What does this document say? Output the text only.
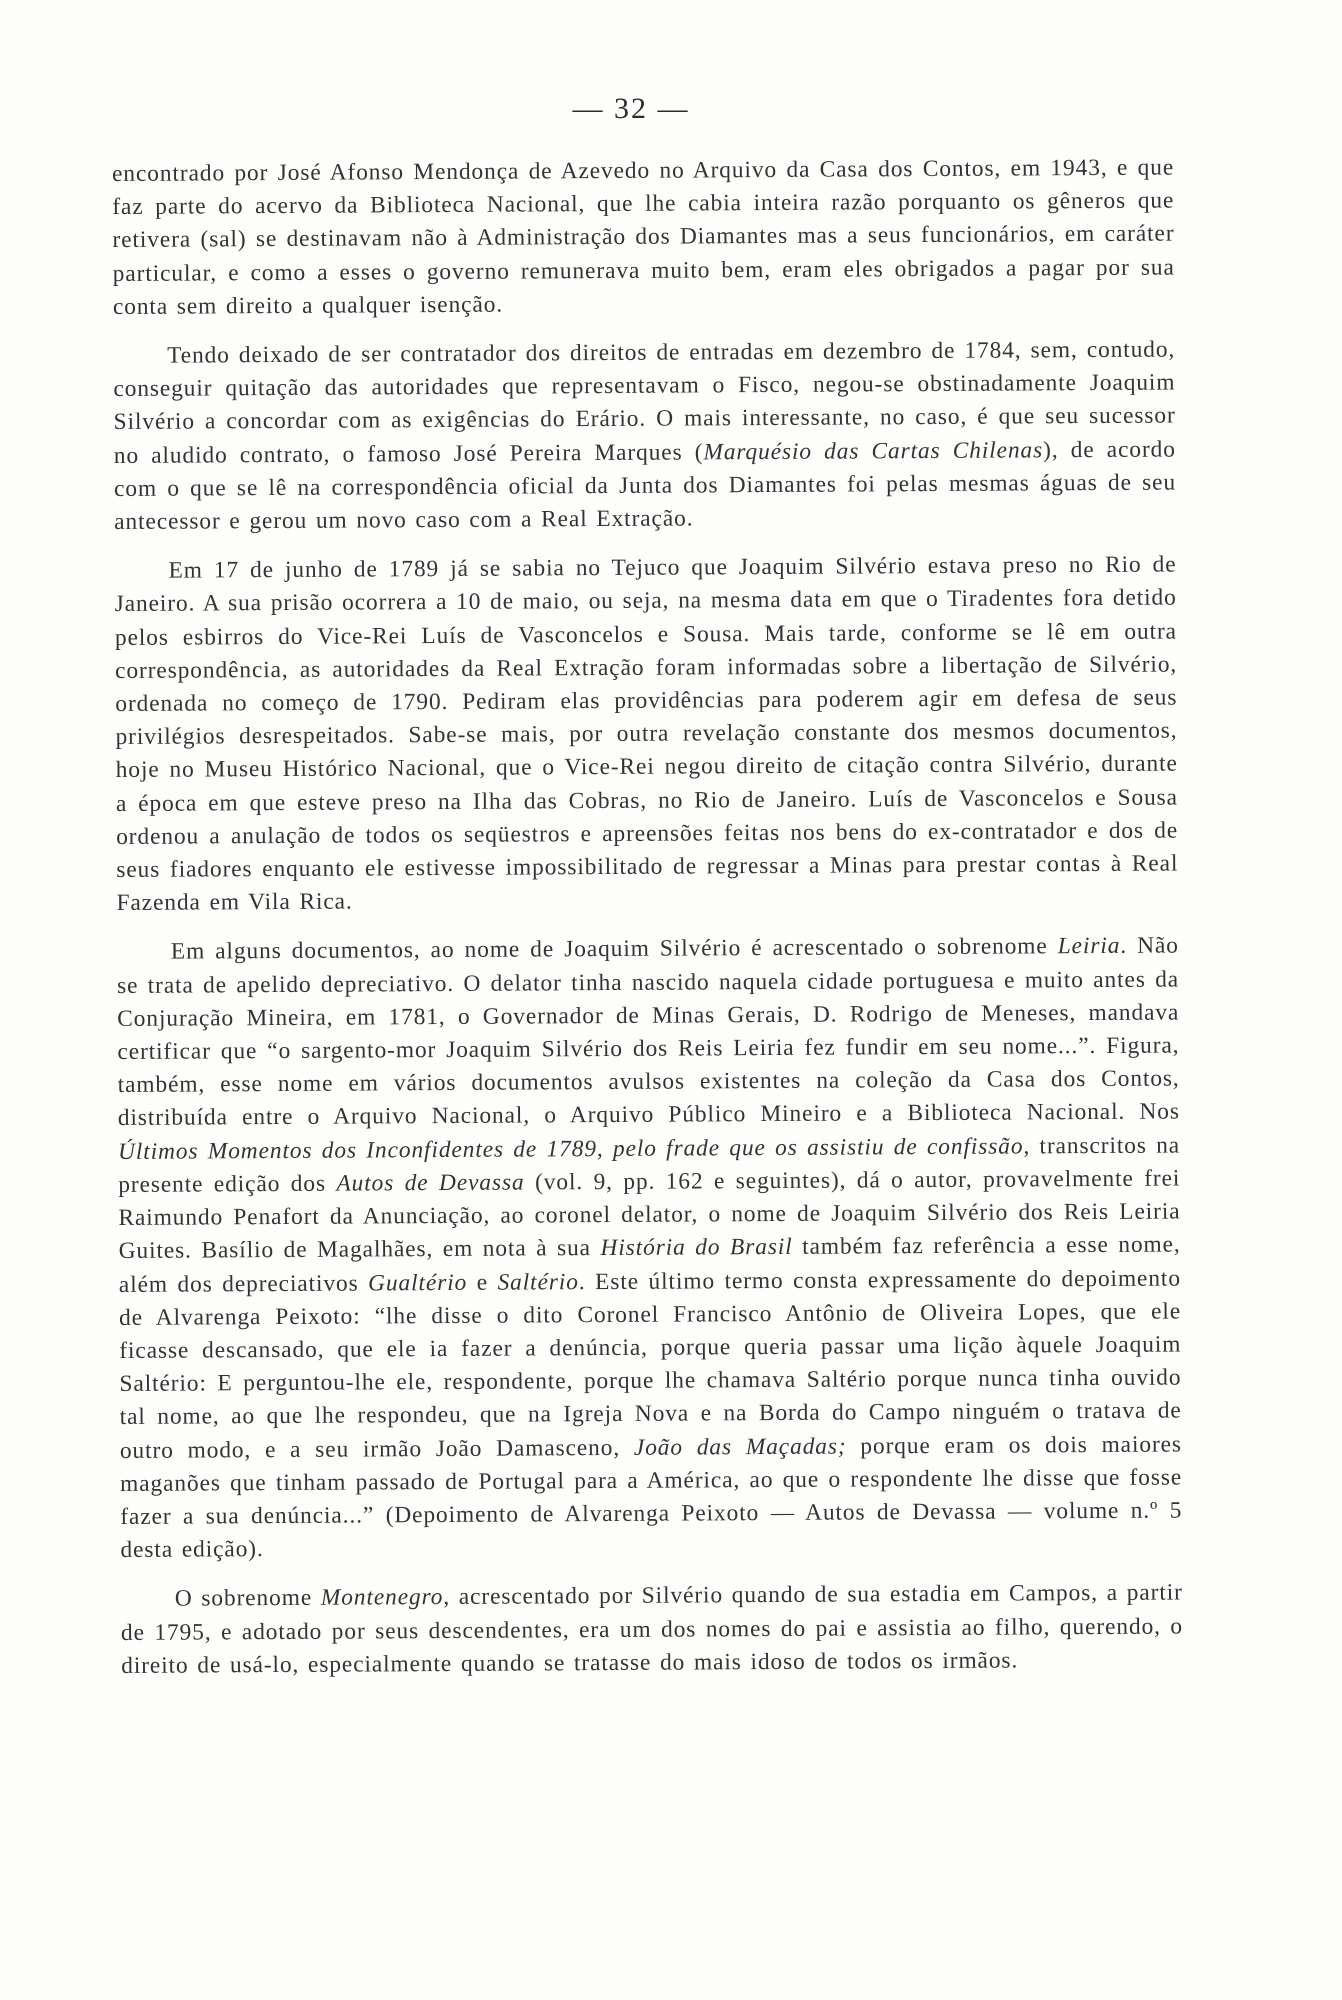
— 32 —

encontrado por José Afonso Mendonça de Azevedo no Arquivo da Casa dos Contos, em 1943, e que faz parte do acervo da Biblioteca Nacional, que lhe cabia inteira razão porquanto os gêneros que retivera (sal) se destinavam não à Administração dos Diamantes mas a seus funcionários, em caráter particular, e como a esses o governo remunerava muito bem, eram eles obrigados a pagar por sua conta sem direito a qualquer isenção.

Tendo deixado de ser contratador dos direitos de entradas em dezembro de 1784, sem, contudo, conseguir quitação das autoridades que representavam o Fisco, negou-se obstinadamente Joaquim Silvério a concordar com as exigências do Erário. O mais interessante, no caso, é que seu sucessor no aludido contrato, o famoso José Pereira Marques (Marquésio das Cartas Chilenas), de acordo com o que se lê na correspondência oficial da Junta dos Diamantes foi pelas mesmas águas de seu antecessor e gerou um novo caso com a Real Extração.

Em 17 de junho de 1789 já se sabia no Tejuco que Joaquim Silvério estava preso no Rio de Janeiro. A sua prisão ocorrera a 10 de maio, ou seja, na mesma data em que o Tiradentes fora detido pelos esbirros do Vice-Rei Luís de Vasconcelos e Sousa. Mais tarde, conforme se lê em outra correspondência, as autoridades da Real Extração foram informadas sobre a libertação de Silvério, ordenada no começo de 1790. Pediram elas providências para poderem agir em defesa de seus privilégios desrespeitados. Sabe-se mais, por outra revelação constante dos mesmos documentos, hoje no Museu Histórico Nacional, que o Vice-Rei negou direito de citação contra Silvério, durante a época em que esteve preso na Ilha das Cobras, no Rio de Janeiro. Luís de Vasconcelos e Sousa ordenou a anulação de todos os seqüestros e apreensões feitas nos bens do ex-contratador e dos de seus fiadores enquanto ele estivesse impossibilitado de regressar a Minas para prestar contas à Real Fazenda em Vila Rica.

Em alguns documentos, ao nome de Joaquim Silvério é acrescentado o sobrenome Leiria. Não se trata de apelido depreciativo. O delator tinha nascido naquela cidade portuguesa e muito antes da Conjuração Mineira, em 1781, o Governador de Minas Gerais, D. Rodrigo de Meneses, mandava certificar que “o sargento-mor Joaquim Silvério dos Reis Leiria fez fundir em seu nome...”. Figura, também, esse nome em vários documentos avulsos existentes na coleção da Casa dos Contos, distribuída entre o Arquivo Nacional, o Arquivo Público Mineiro e a Biblioteca Nacional. Nos Últimos Momentos dos Inconfidentes de 1789, pelo frade que os assistiu de confissão, transcritos na presente edição dos Autos de Devassa (vol. 9, pp. 162 e seguintes), dá o autor, provavelmente frei Raimundo Penafort da Anunciação, ao coronel delator, o nome de Joaquim Silvério dos Reis Leiria Guites. Basílio de Magalhães, em nota à sua História do Brasil também faz referência a esse nome, além dos depreciativos Gualtério e Saltério. Este último termo consta expressamente do depoimento de Alvarenga Peixoto: “lhe disse o dito Coronel Francisco Antônio de Oliveira Lopes, que ele ficasse descansado, que ele ia fazer a denúncia, porque queria passar uma lição àquele Joaquim Saltério: E perguntou-lhe ele, respondente, porque lhe chamava Saltério porque nunca tinha ouvido tal nome, ao que lhe respondeu, que na Igreja Nova e na Borda do Campo ninguém o tratava de outro modo, e a seu irmão João Damasceno, João das Maçadas; porque eram os dois maiores maganões que tinham passado de Portugal para a América, ao que o respondente lhe disse que fosse fazer a sua denúncia...” (Depoimento de Alvarenga Peixoto — Autos de Devassa — volume n.º 5 desta edição).

O sobrenome Montenegro, acrescentado por Silvério quando de sua estadia em Campos, a partir de 1795, e adotado por seus descendentes, era um dos nomes do pai e assistia ao filho, querendo, o direito de usá-lo, especialmente quando se tratasse do mais idoso de todos os irmãos.
